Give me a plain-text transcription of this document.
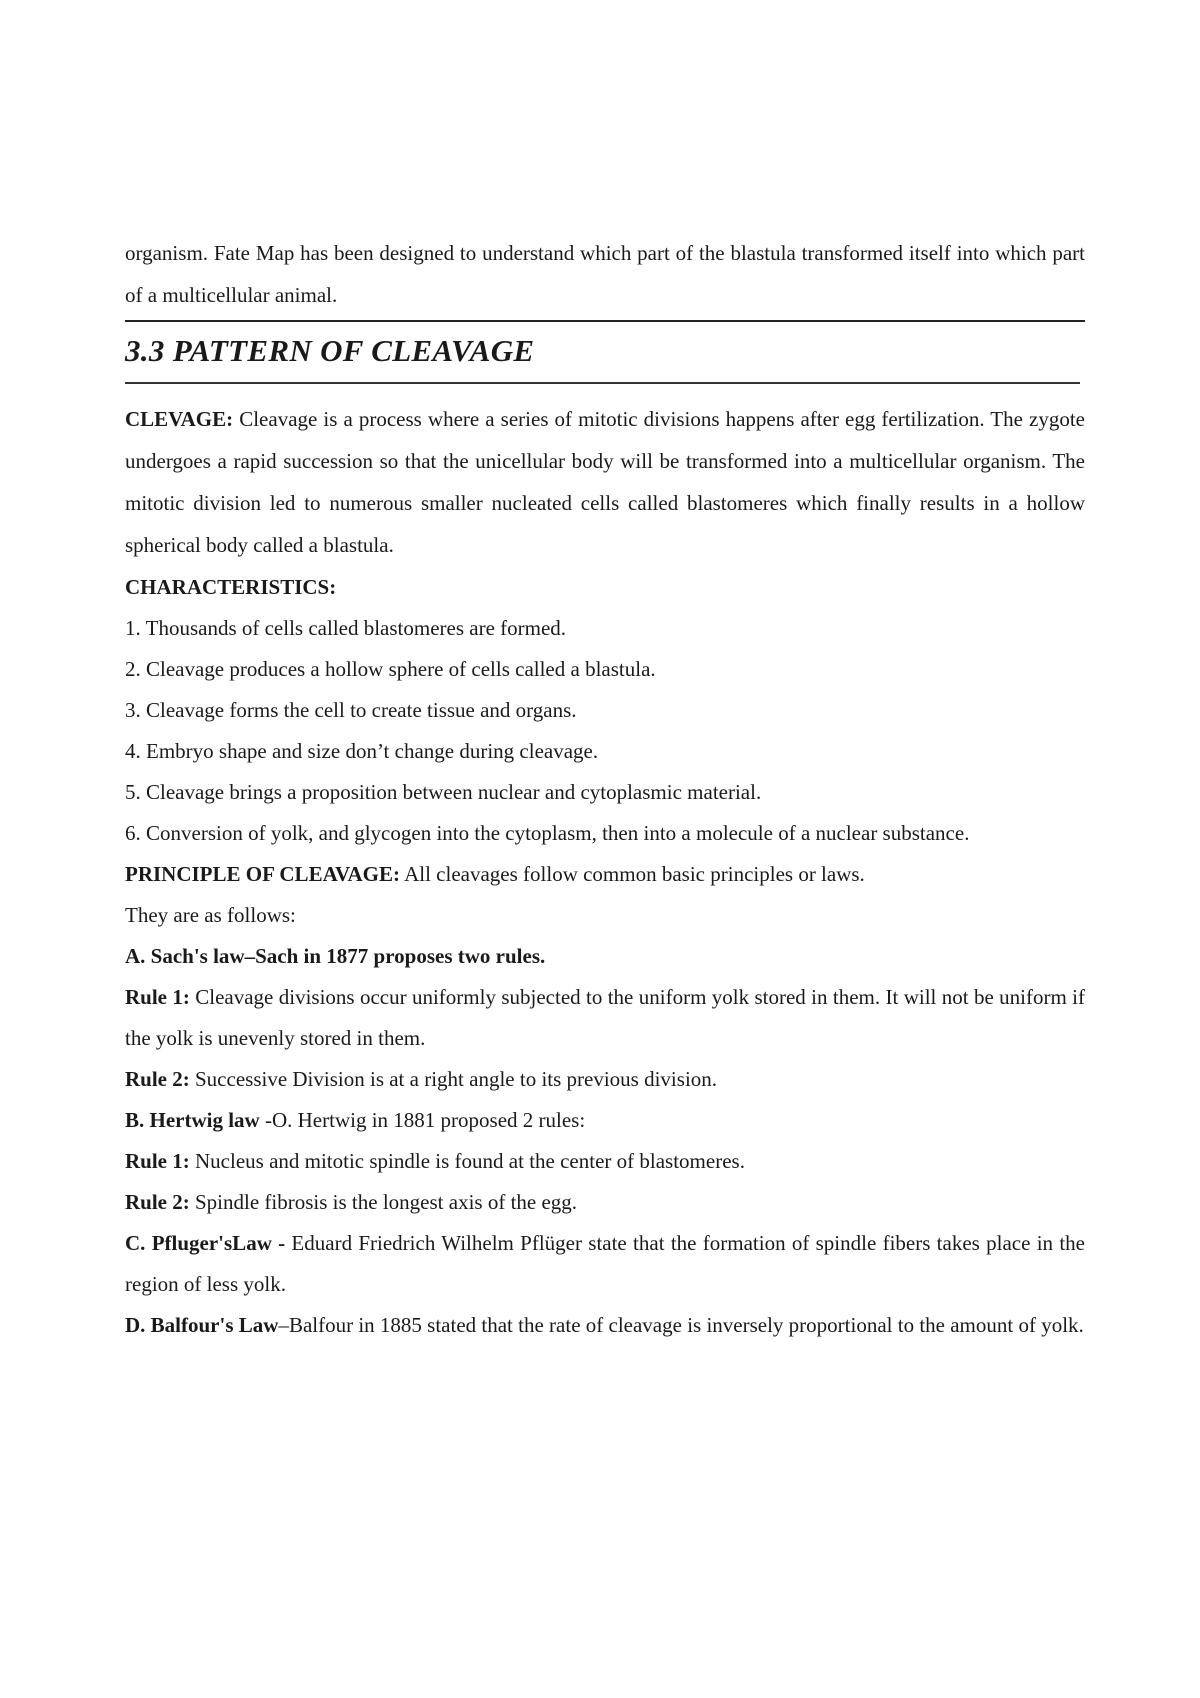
organism. Fate Map has been designed to understand which part of the blastula transformed itself into which part of a multicellular animal.

3.3 PATTERN OF CLEAVAGE

CLEVAGE: Cleavage is a process where a series of mitotic divisions happens after egg fertilization. The zygote undergoes a rapid succession so that the unicellular body will be transformed into a multicellular organism. The mitotic division led to numerous smaller nucleated cells called blastomeres which finally results in a hollow spherical body called a blastula.

CHARACTERISTICS:

1. Thousands of cells called blastomeres are formed.

2. Cleavage produces a hollow sphere of cells called a blastula.

3. Cleavage forms the cell to create tissue and organs.

4. Embryo shape and size don’t change during cleavage.

5. Cleavage brings a proposition between nuclear and cytoplasmic material.

6. Conversion of yolk, and glycogen into the cytoplasm, then into a molecule of a nuclear substance.

PRINCIPLE OF CLEAVAGE: All cleavages follow common basic principles or laws.

They are as follows:

A. Sach's law–Sach in 1877 proposes two rules.

Rule 1: Cleavage divisions occur uniformly subjected to the uniform yolk stored in them. It will not be uniform if the yolk is unevenly stored in them.

Rule 2: Successive Division is at a right angle to its previous division.

B. Hertwig law -O. Hertwig in 1881 proposed 2 rules:

Rule 1: Nucleus and mitotic spindle is found at the center of blastomeres.

Rule 2: Spindle fibrosis is the longest axis of the egg.

C. Pfluger'sLaw - Eduard Friedrich Wilhelm Pflüger state that the formation of spindle fibers takes place in the region of less yolk.

D. Balfour's Law–Balfour in 1885 stated that the rate of cleavage is inversely proportional to the amount of yolk.
